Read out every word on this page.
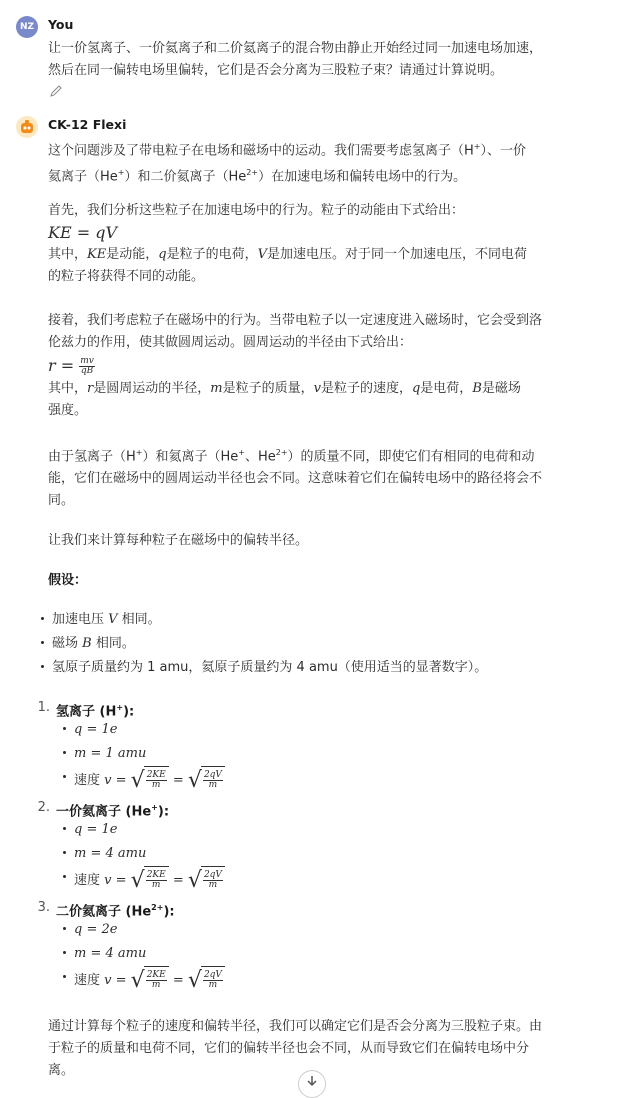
NZ	You

让一价氢离子、一价氦离子和二价氦离子的混合物由静止开始经过同一加速电场加速，

然后在同一偏转电场里偏转，它们是否会分离为三股粒子束？请通过计算说明。

CK-12 Flexi

这个问题涉及了带电粒子在电场和磁场中的运动。我们需要考虑氢离子（H+）、一价

氦离子（He+）和二价氦离子$(He^{2+})$在加速电场和偏转电场中的行为。

首先，我们分析这些粒子在加速电场中的行为。粒子的动能由下式给出：

KE = qV

其中，KE是动能，q是粒子的电荷，V是加速电压。对于同一个加速电压，不同电荷

的粒子将获得不同的动能。

接着，我们考虑粒子在磁场中的行为。当带电粒子以一定速度进入磁场时，它会受到洛

伦兹力的作用，使其做圆周运动。圆周运动的半径由下式给出：

$r = \frac{mv}{qB}$

其中，r是圆周运动的半径，m是粒子的质量，v是粒子的速度，q是电荷，B是磁场

强度。

由于氢离子（H+）和氦离子（He+、$He^{2+}$）的质量不同，即使它们有相同的电荷和动

能，它们在磁场中的圆周运动半径也会不同。这意味着它们在偏转电场中的路径将会不

同。

让我们来计算每种粒子在磁场中的偏转半径。

假设：

加速电压 V 相同。
磁场 B 相同。
氢原子质量约为 1 amu，氦原子质量约为 4 amu（使用适当的显著数字）。
1. 氢离子 (H+):
q = 1e
m = 1 amu
速度 v = √ $\frac{2KE}{m}$ = √ $\frac{2qV}{m}$
2. 一价氦离子 (He+):
q = 1e
m = 4 amu
速度 v = √ $\frac{2KE}{m}$ = √ $\frac{2qV}{m}$
3. 二价氦离子 $(He^{2+})$:
q = 2e
m = 4 amu
速度 v = √ $\frac{2KE}{m}$ = √ $\frac{2qV}{m}$

通过计算每个粒子的速度和偏转半径，我们可以确定它们是否会分离为三股粒子束。由

于粒子的质量和电荷不同，它们的偏转半径也会不同，从而导致它们在偏转电场中分

离。
